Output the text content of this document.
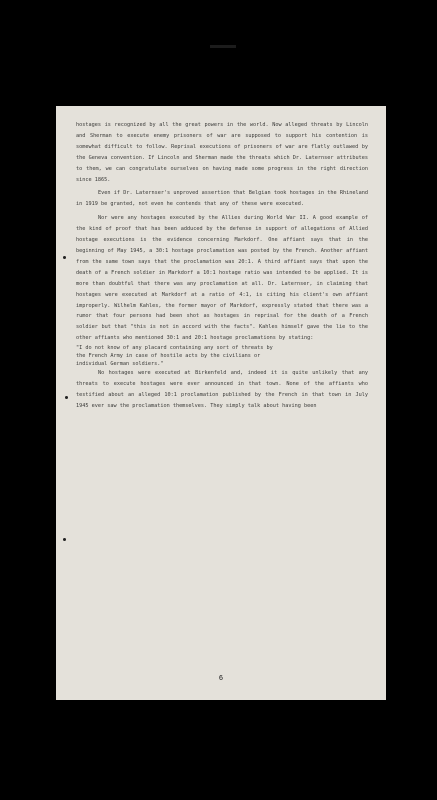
hostages is recognized by all the great powers in the world. Now alleged threats by Lincoln and Sherman to execute enemy prisoners of war are supposed to support his contention is somewhat difficult to follow. Reprisal executions of prisoners of war are flatly outlawed by the Geneva convention. If Lincoln and Sherman made the threats which Dr. Laternser attributes to them, we can congratulate ourselves on having made some progress in the right direction since 1865.

Even if Dr. Laternser's unproved assertion that Belgian took hostages in the Rhineland in 1919 be granted, not even he contends that any of these were executed.

Nor were any hostages executed by the Allies during World War II. A good example of the kind of proof that has been adduced by the defense in support of allegations of Allied hostage executions is the evidence concerning Markdorf. One affiant says that in the beginning of May 1945, a 30:1 hostage proclamation was posted by the French. Another affiant from the same town says that the proclamation was 20:1. A third affiant says that upon the death of a French soldier in Markdorf a 10:1 hostage ratio was intended to be applied. It is more than doubtful that there was any proclamation at all. Dr. Laternser, in claiming that hostages were executed at Markdorf at a ratio of 4:1, is citing his client's own affiant improperly. Wilhelm Kahles, the former mayor of Markdorf, expressly stated that there was a rumor that four persons had been shot as hostages in reprisal for the death of a French soldier but that "this is not in accord with the facts". Kahles himself gave the lie to the other affiants who mentioned 30:1 and 20:1 hostage proclamations by stating:

"I do not know of any placard containing any sort of threats by the French Army in case of hostile acts by the civilians or individual German soldiers."

No hostages were executed at Birkenfeld and, indeed it is quite unlikely that any threats to execute hostages were ever announced in that town. None of the affiants who testified about an alleged 10:1 proclamation published by the French in that town in July 1945 ever saw the proclamation themselves. They simply talk about having been

6
